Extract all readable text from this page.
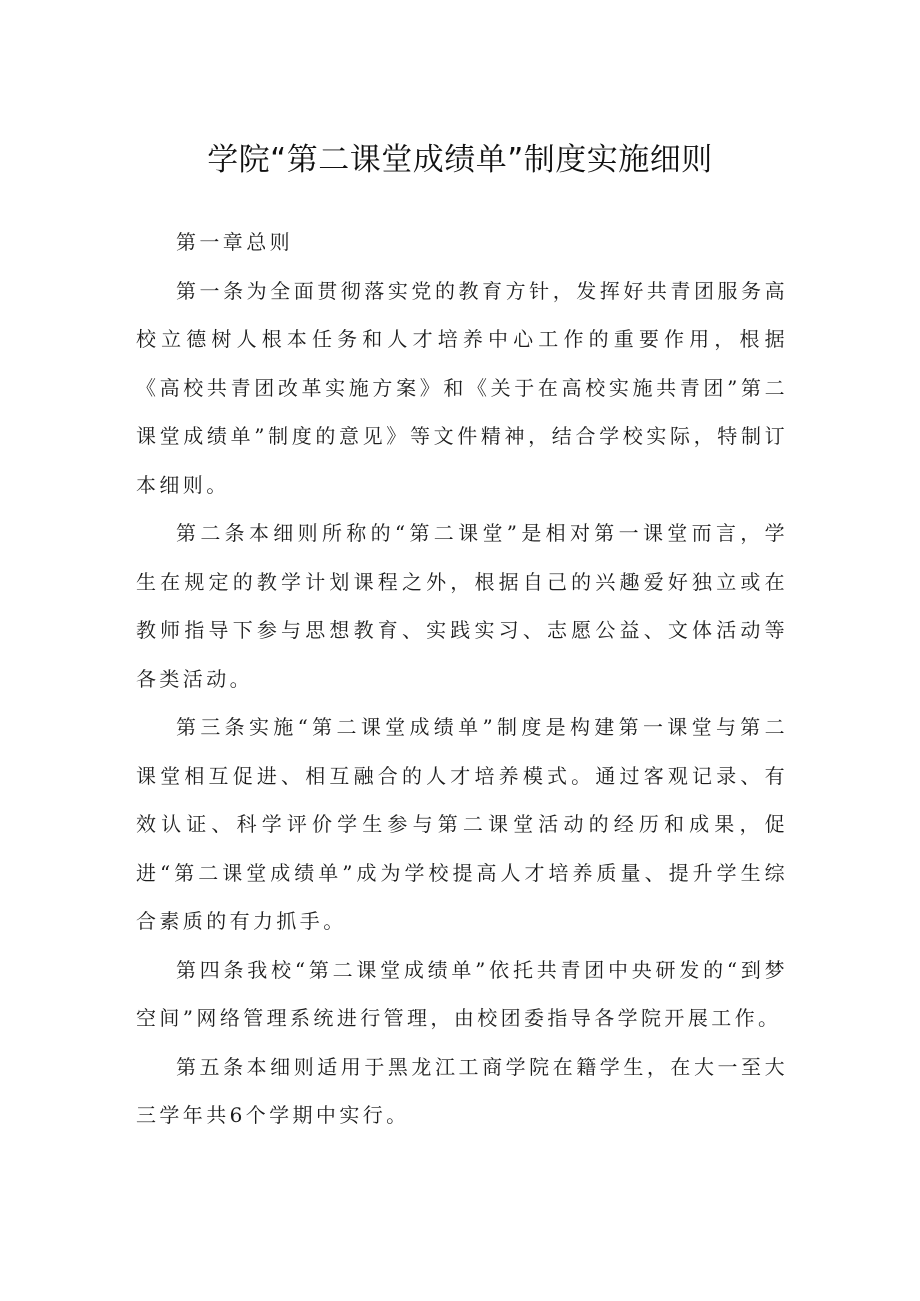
学院“第二课堂成绩单”制度实施细则

第一章总则

第一条为全面贯彻落实党的教育方针，发挥好共青团服务高校立德树人根本任务和人才培养中心工作的重要作用，根据《高校共青团改革实施方案》和《关于在高校实施共青团”第二课堂成绩单”制度的意见》等文件精神，结合学校实际，特制订本细则。

第二条本细则所称的“第二课堂”是相对第一课堂而言，学生在规定的教学计划课程之外，根据自己的兴趣爱好独立或在教师指导下参与思想教育、实践实习、志愿公益、文体活动等各类活动。

第三条实施“第二课堂成绩单”制度是构建第一课堂与第二课堂相互促进、相互融合的人才培养模式。通过客观记录、有效认证、科学评价学生参与第二课堂活动的经历和成果，促进“第二课堂成绩单”成为学校提高人才培养质量、提升学生综合素质的有力抓手。

第四条我校“第二课堂成绩单”依托共青团中央研发的“到梦空间”网络管理系统进行管理，由校团委指导各学院开展工作。

第五条本细则适用于黑龙江工商学院在籍学生，在大一至大三学年共6个学期中实行。
